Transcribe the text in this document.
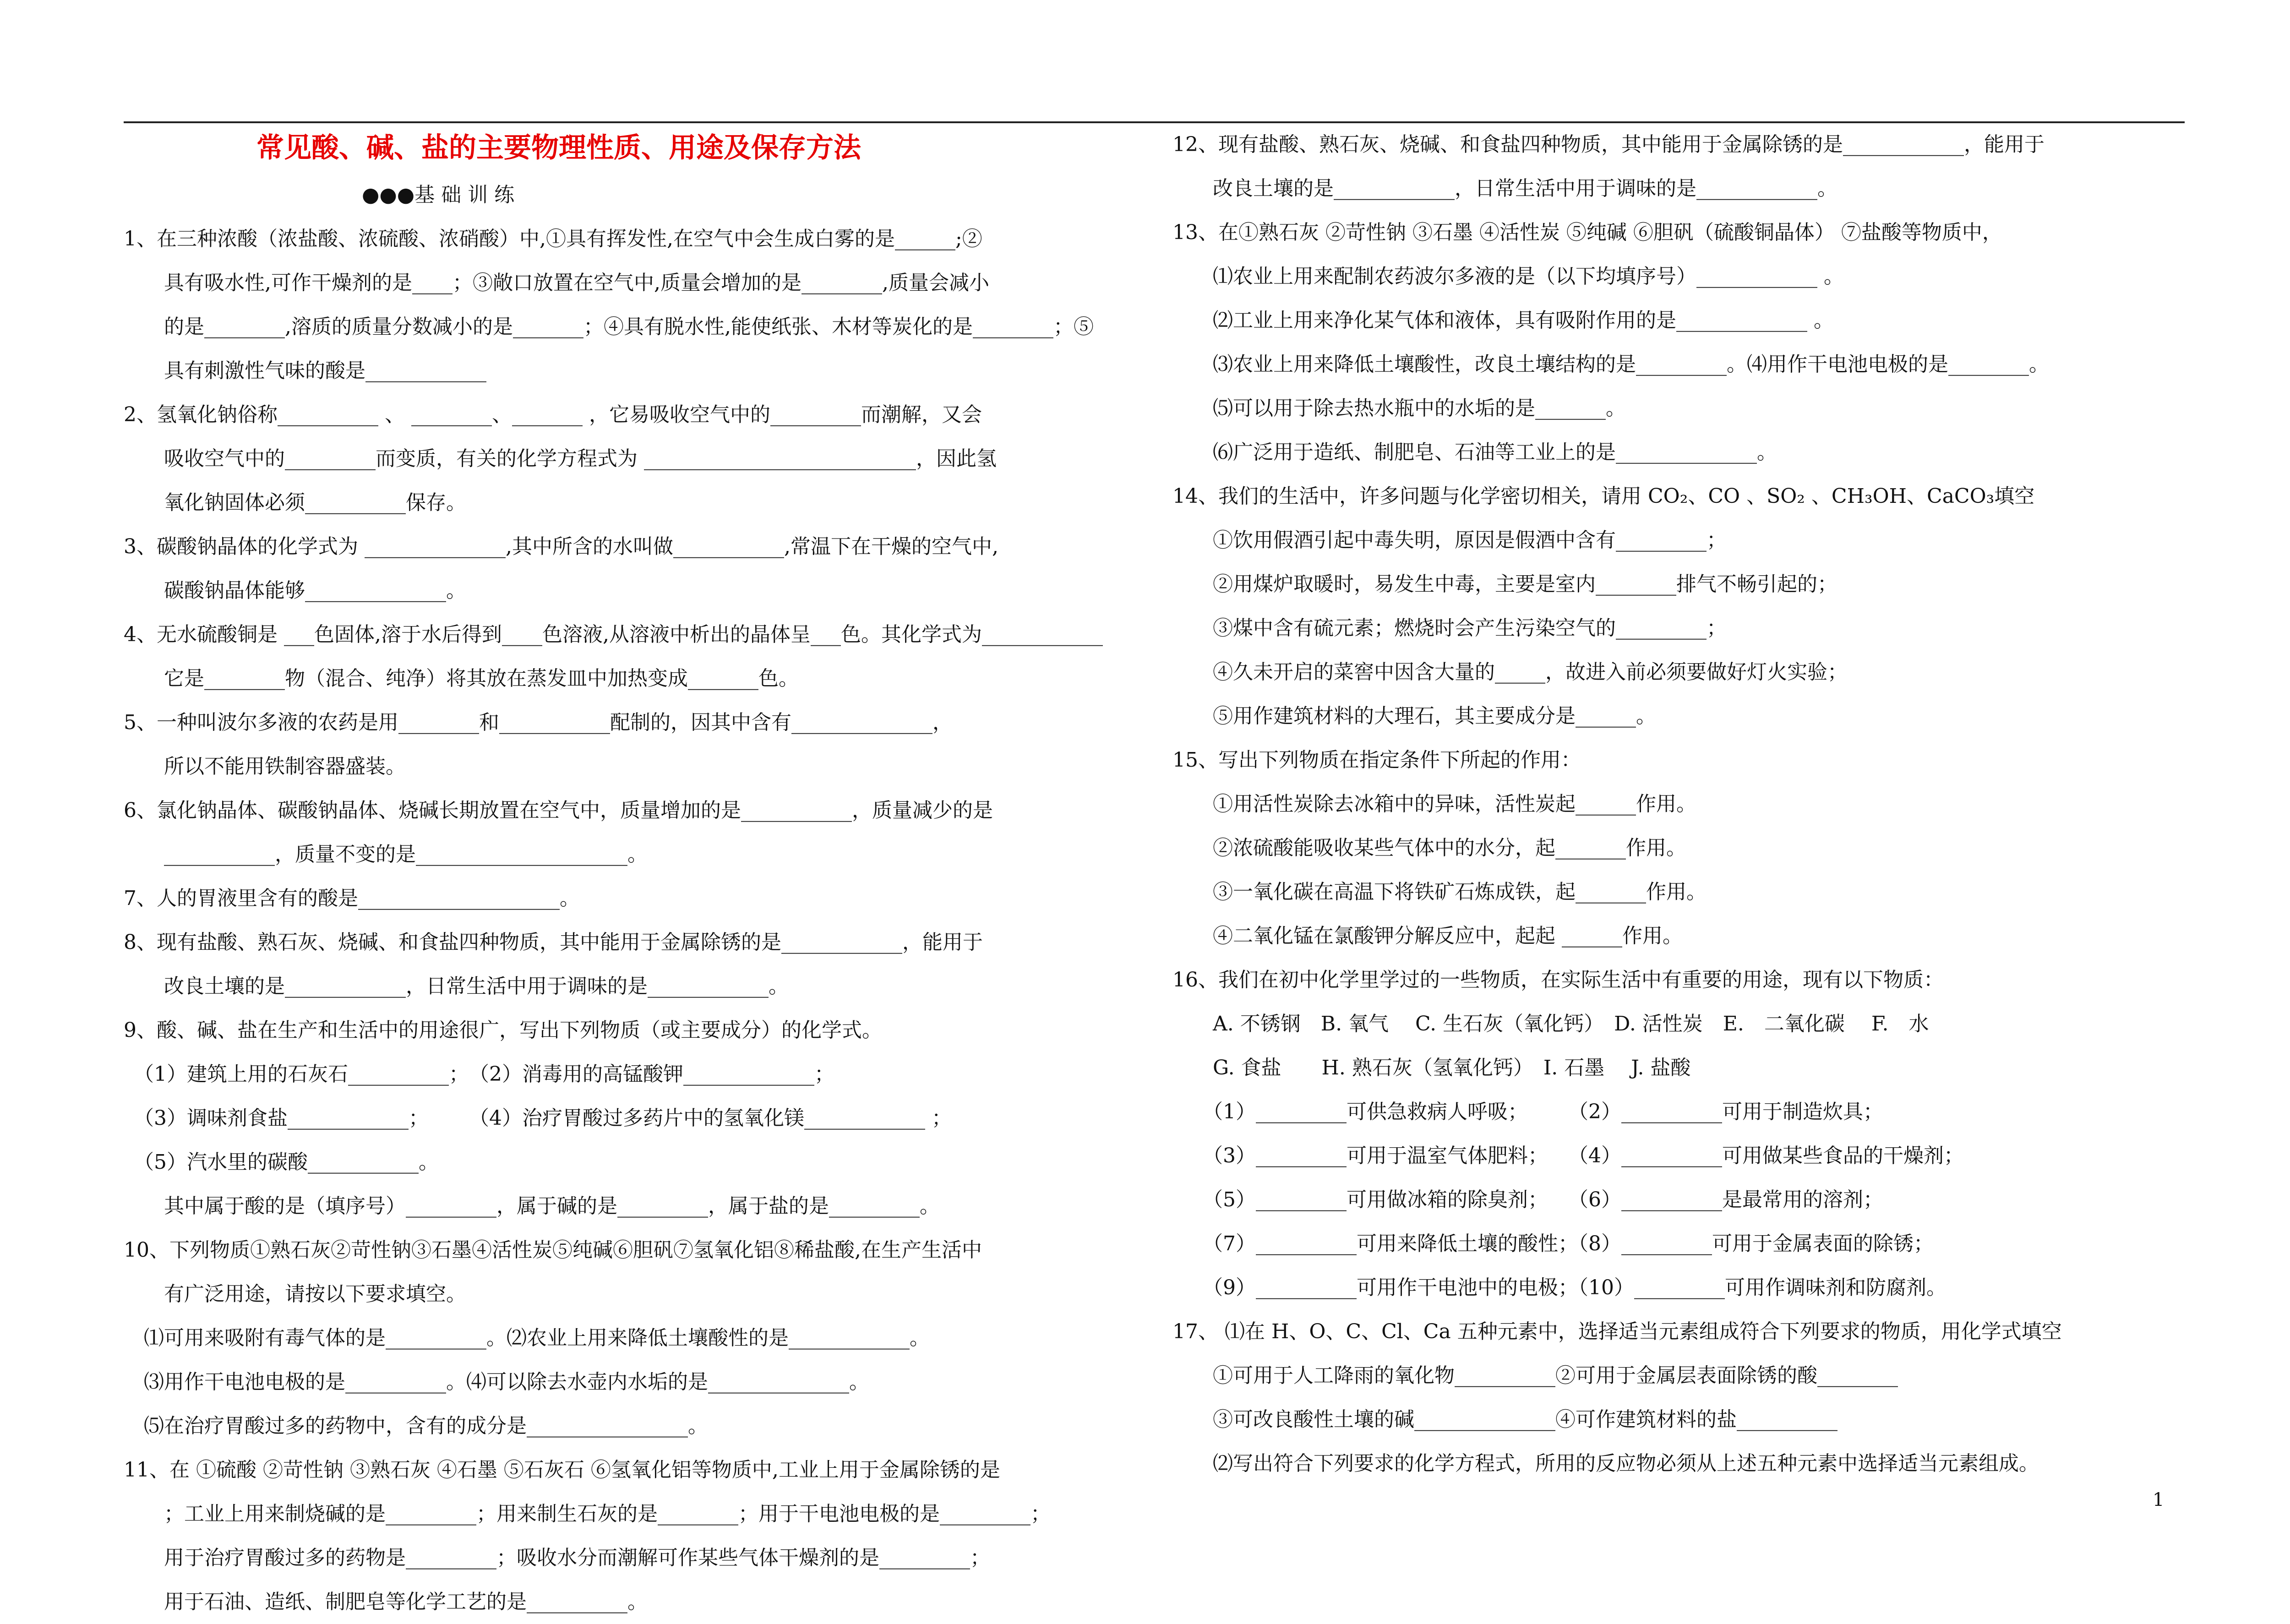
常见酸、碱、盐的主要物理性质、用途及保存方法
●●●基 础 训 练
1、在三种浓酸（浓盐酸、浓硫酸、浓硝酸）中,①具有挥发性,在空气中会生成白雾的是______;②
　　具有吸水性,可作干燥剂的是____；③敞口放置在空气中,质量会增加的是________,质量会减小
　　的是________,溶质的质量分数减小的是_______；④具有脱水性,能使纸张、木材等炭化的是________；⑤
　　具有刺激性气味的酸是____________
2、氢氧化钠俗称__________ 、 ________、_______ ，它易吸收空气中的_________而潮解，又会
　　吸收空气中的_________而变质，有关的化学方程式为 ___________________________，因此氢
　　氧化钠固体必须__________保存。
3、碳酸钠晶体的化学式为 ______________,其中所含的水叫做___________,常温下在干燥的空气中,
　　碳酸钠晶体能够______________。
4、无水硫酸铜是 ___色固体,溶于水后得到____色溶液,从溶液中析出的晶体呈___色。其化学式为____________
　　它是________物（混合、纯净）将其放在蒸发皿中加热变成_______色。
5、一种叫波尔多液的农药是用________和___________配制的，因其中含有______________，
　　所以不能用铁制容器盛装。
6、氯化钠晶体、碳酸钠晶体、烧碱长期放置在空气中，质量增加的是___________，质量减少的是
　　___________，质量不变的是_____________________。
7、人的胃液里含有的酸是____________________。
8、现有盐酸、熟石灰、烧碱、和食盐四种物质，其中能用于金属除锈的是____________，能用于
　　改良土壤的是____________，日常生活中用于调味的是____________。
9、酸、碱、盐在生产和生活中的用途很广，写出下列物质（或主要成分）的化学式。
　（1）建筑上用的石灰石__________；　（2）消毒用的高锰酸钾_____________；
　（3）调味剂食盐____________；　　　（4）治疗胃酸过多药片中的氢氧化镁____________ ；
　（5）汽水里的碳酸___________。
　　其中属于酸的是（填序号）_________，属于碱的是_________，属于盐的是_________。
10、下列物质①熟石灰②苛性钠③石墨④活性炭⑤纯碱⑥胆矾⑦氢氧化铝⑧稀盐酸,在生产生活中
　　有广泛用途，请按以下要求填空。
　⑴可用来吸附有毒气体的是__________。⑵农业上用来降低土壤酸性的是____________。
　⑶用作干电池电极的是__________。⑷可以除去水壶内水垢的是______________。
　⑸在治疗胃酸过多的药物中，含有的成分是________________。
11、在 ①硫酸 ②苛性钠 ③熟石灰 ④石墨 ⑤石灰石 ⑥氢氧化铝等物质中,工业上用于金属除锈的是
　　；工业上用来制烧碱的是_________；用来制生石灰的是________；用于干电池电极的是_________；
　　用于治疗胃酸过多的药物是_________；吸收水分而潮解可作某些气体干燥剂的是_________；
　　用于石油、造纸、制肥皂等化学工艺的是__________。
12、现有盐酸、熟石灰、烧碱、和食盐四种物质，其中能用于金属除锈的是____________，能用于
　　改良土壤的是____________，日常生活中用于调味的是____________。
13、在①熟石灰 ②苛性钠 ③石墨 ④活性炭 ⑤纯碱 ⑥胆矾（硫酸铜晶体） ⑦盐酸等物质中，
　　⑴农业上用来配制农药波尔多液的是（以下均填序号）____________ 。
　　⑵工业上用来净化某气体和液体，具有吸附作用的是_____________ 。
　　⑶农业上用来降低土壤酸性，改良土壤结构的是_________。⑷用作干电池电极的是________。
　　⑸可以用于除去热水瓶中的水垢的是_______。
　　⑹广泛用于造纸、制肥皂、石油等工业上的是______________。
14、我们的生活中，许多问题与化学密切相关，请用 CO₂、CO 、SO₂ 、CH₃OH、CaCO₃填空
　　①饮用假酒引起中毒失明，原因是假酒中含有_________；
　　②用煤炉取暖时，易发生中毒，主要是室内________排气不畅引起的；
　　③煤中含有硫元素；燃烧时会产生污染空气的_________；
　　④久未开启的菜窖中因含大量的_____，故进入前必须要做好灯火实验；
　　⑤用作建筑材料的大理石，其主要成分是______。
15、写出下列物质在指定条件下所起的作用：
　　①用活性炭除去冰箱中的异味，活性炭起______作用。
　　②浓硫酸能吸收某些气体中的水分，起_______作用。
　　③一氧化碳在高温下将铁矿石炼成铁，起_______作用。
　　④二氧化锰在氯酸钾分解反应中，起起 ______作用。
16、我们在初中化学里学过的一些物质，在实际生活中有重要的用途，现有以下物质：
　　A. 不锈钢　B. 氧气　 C. 生石灰（氧化钙）　D. 活性炭　E.　二氧化碳　 F.　水
　　G. 食盐　　H. 熟石灰（氢氧化钙）　I. 石墨　 J. 盐酸
　　（1）_________可供急救病人呼吸；　　　（2）__________可用于制造炊具；
　　（3）_________可用于温室气体肥料；　　（4）__________可用做某些食品的干燥剂；
　　（5）_________可用做冰箱的除臭剂；　　（6）__________是最常用的溶剂；
　　（7）__________可用来降低土壤的酸性；（8）_________可用于金属表面的除锈；
　　（9）__________可用作干电池中的电极；（10）_________可用作调味剂和防腐剂。
17、 ⑴在 H、O、C、Cl、Ca 五种元素中，选择适当元素组成符合下列要求的物质，用化学式填空
　　①可用于人工降雨的氧化物__________②可用于金属层表面除锈的酸________
　　③可改良酸性土壤的碱______________④可作建筑材料的盐__________
　　⑵写出符合下列要求的化学方程式，所用的反应物必须从上述五种元素中选择适当元素组成。
1
